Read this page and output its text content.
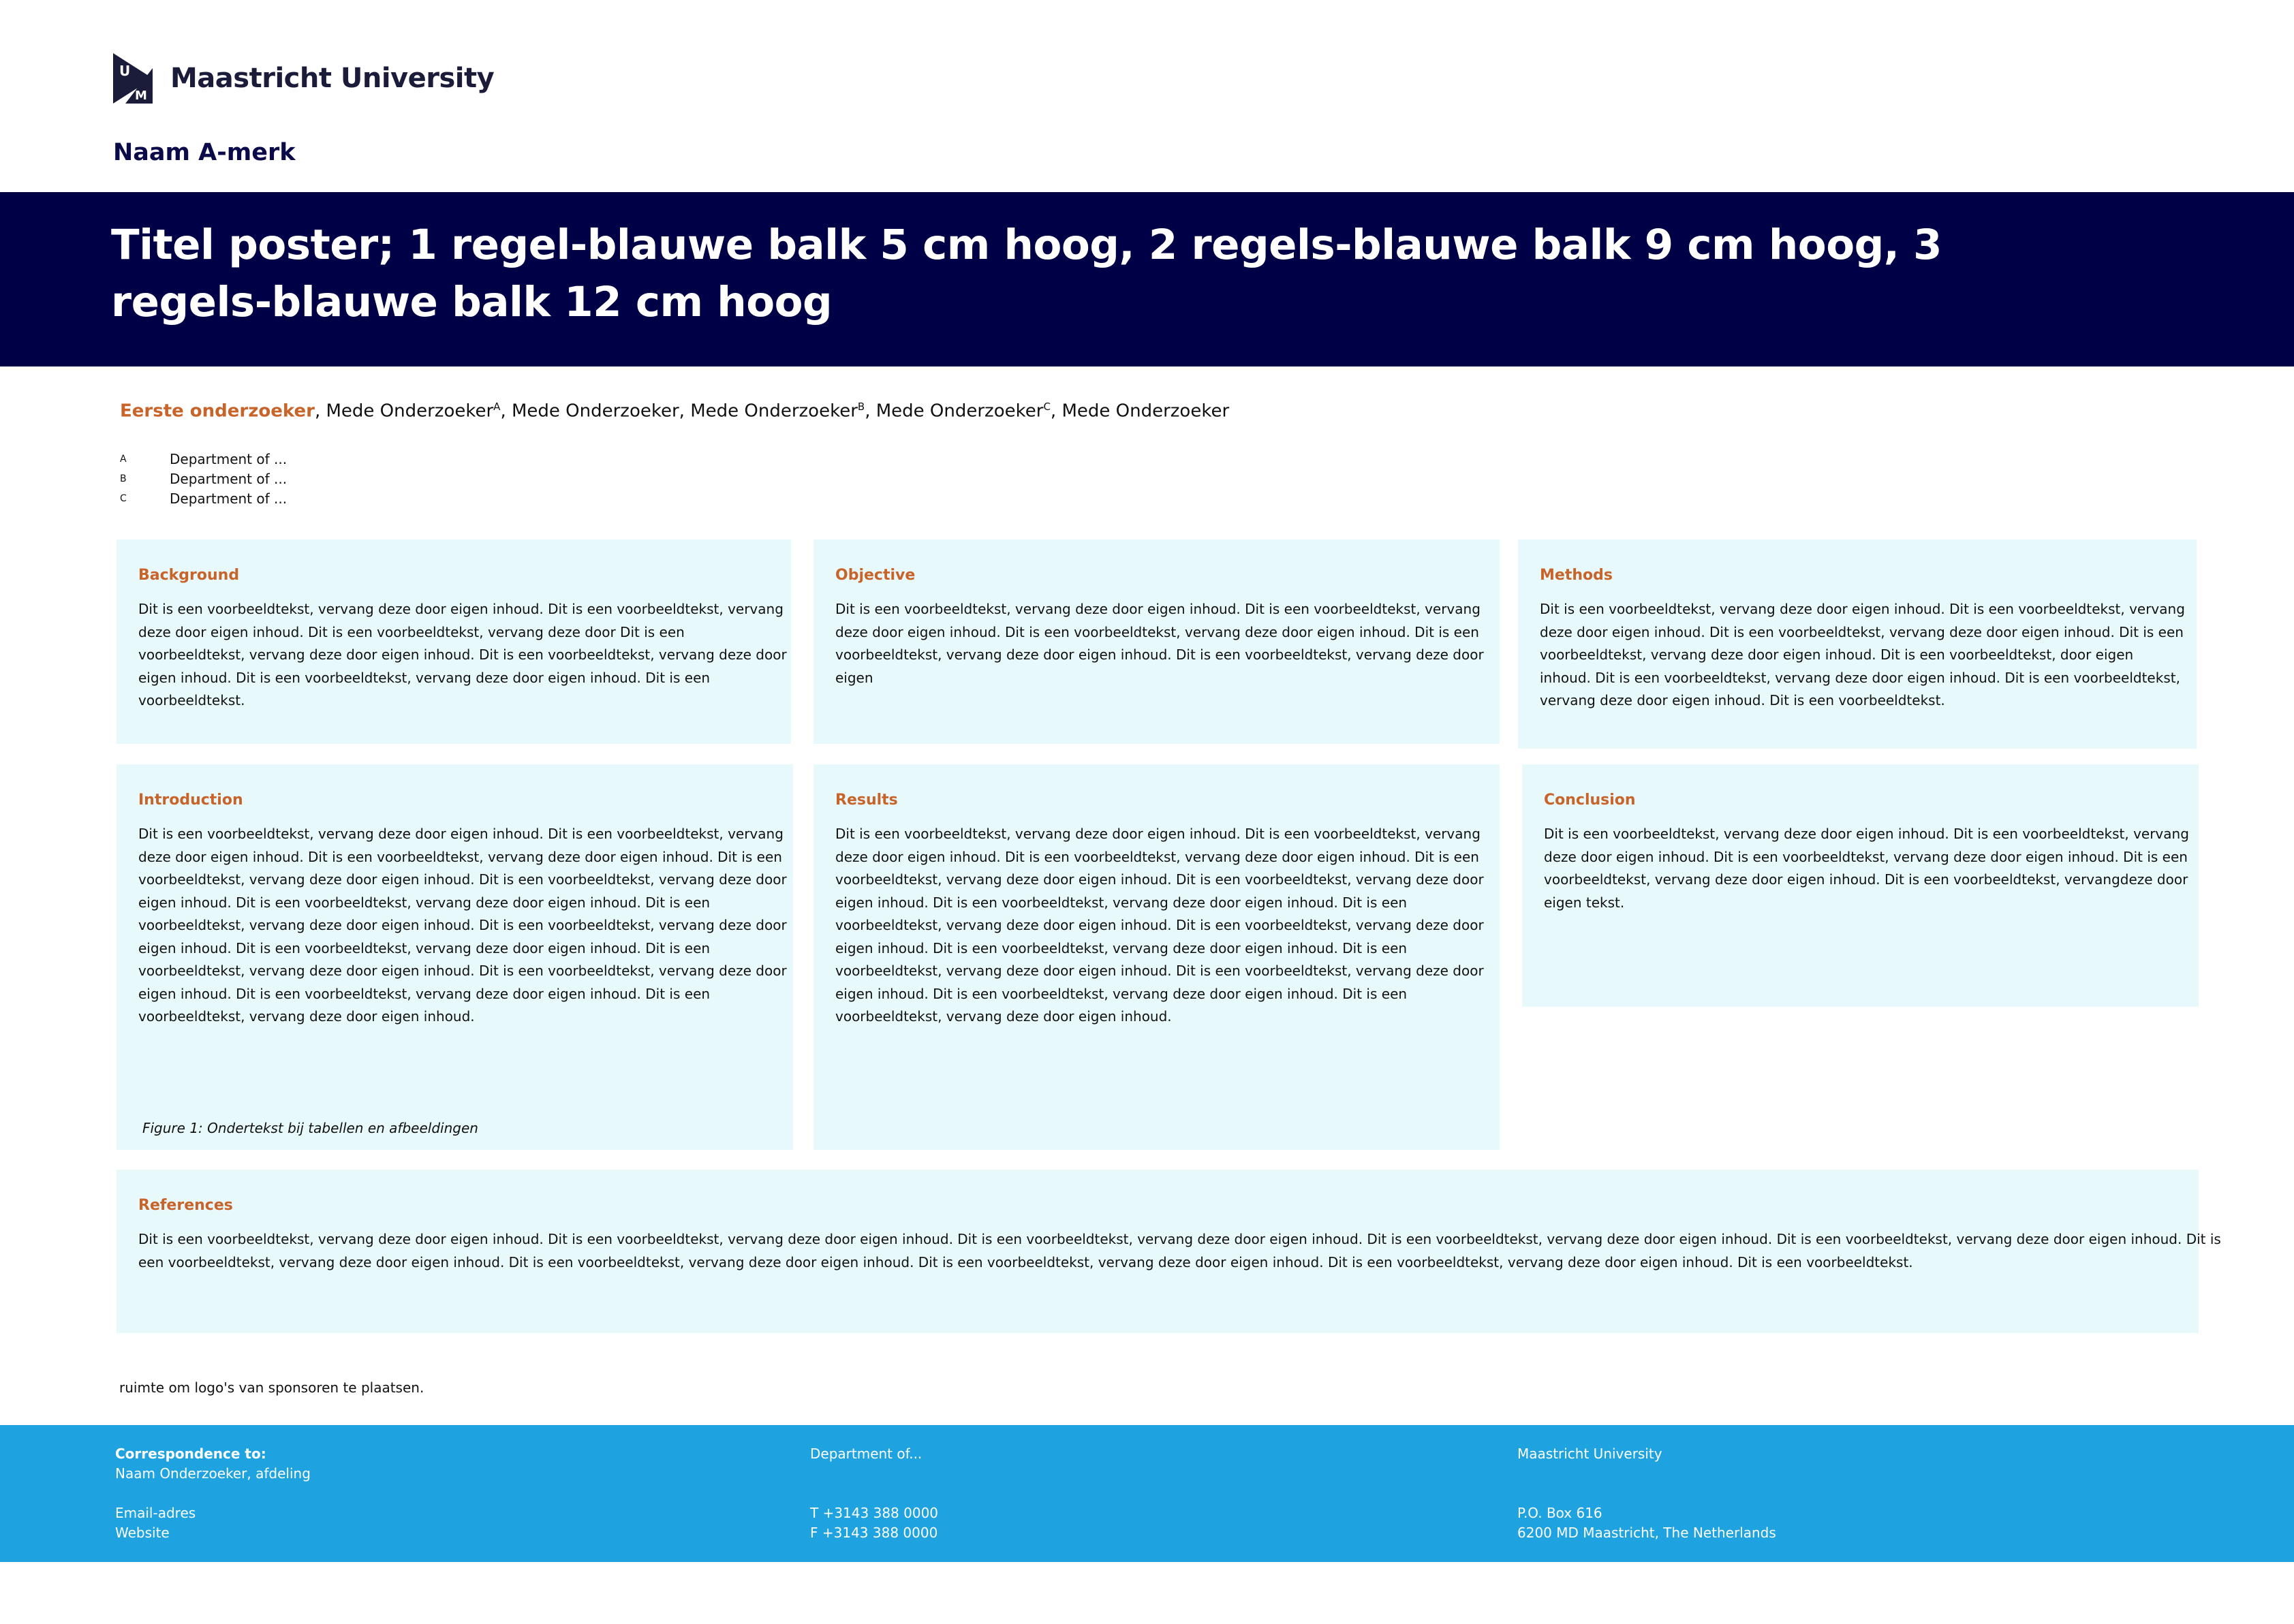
U
M
Maastricht University
Naam A-merk
Titel poster; 1 regel-blauwe balk 5 cm hoog, 2 regels-blauwe balk 9 cm hoog, 3 regels-blauwe balk 12 cm hoog
Eerste onderzoeker, Mede Onderzoeker$^A$, Mede Onderzoeker, Mede Onderzoeker$^B$, Mede Onderzoeker$^C$, Mede Onderzoeker
A	Department of ...
B	Department of ...
C	Department of ...
Background
Dit is een voorbeeldtekst, vervang deze door eigen inhoud. Dit is een voorbeeldtekst, vervang
deze door eigen inhoud. Dit is een voorbeeldtekst, vervang deze door Dit is een
voorbeeldtekst, vervang deze door eigen inhoud. Dit is een voorbeeldtekst, vervang deze door
eigen inhoud. Dit is een voorbeeldtekst, vervang deze door eigen inhoud. Dit is een
voorbeeldtekst.
Objective
Dit is een voorbeeldtekst, vervang deze door eigen inhoud. Dit is een voorbeeldtekst, vervang
deze door eigen inhoud. Dit is een voorbeeldtekst, vervang deze door eigen inhoud. Dit is een
voorbeeldtekst, vervang deze door eigen inhoud. Dit is een voorbeeldtekst, vervang deze door
eigen
Methods
Dit is een voorbeeldtekst, vervang deze door eigen inhoud. Dit is een voorbeeldtekst, vervang
deze door eigen inhoud. Dit is een voorbeeldtekst, vervang deze door eigen inhoud. Dit is een
voorbeeldtekst, vervang deze door eigen inhoud. Dit is een voorbeeldtekst, door eigen
inhoud. Dit is een voorbeeldtekst, vervang deze door eigen inhoud. Dit is een voorbeeldtekst,
vervang deze door eigen inhoud. Dit is een voorbeeldtekst.
Introduction
Dit is een voorbeeldtekst, vervang deze door eigen inhoud. Dit is een voorbeeldtekst, vervang
deze door eigen inhoud. Dit is een voorbeeldtekst, vervang deze door eigen inhoud. Dit is een
voorbeeldtekst, vervang deze door eigen inhoud. Dit is een voorbeeldtekst, vervang deze door
eigen inhoud. Dit is een voorbeeldtekst, vervang deze door eigen inhoud. Dit is een
voorbeeldtekst, vervang deze door eigen inhoud. Dit is een voorbeeldtekst, vervang deze door
eigen inhoud. Dit is een voorbeeldtekst, vervang deze door eigen inhoud. Dit is een
voorbeeldtekst, vervang deze door eigen inhoud. Dit is een voorbeeldtekst, vervang deze door
eigen inhoud. Dit is een voorbeeldtekst, vervang deze door eigen inhoud. Dit is een
voorbeeldtekst, vervang deze door eigen inhoud.
Figure 1: Ondertekst bij tabellen en afbeeldingen
Results
Dit is een voorbeeldtekst, vervang deze door eigen inhoud. Dit is een voorbeeldtekst, vervang
deze door eigen inhoud. Dit is een voorbeeldtekst, vervang deze door eigen inhoud. Dit is een
voorbeeldtekst, vervang deze door eigen inhoud. Dit is een voorbeeldtekst, vervang deze door
eigen inhoud. Dit is een voorbeeldtekst, vervang deze door eigen inhoud. Dit is een
voorbeeldtekst, vervang deze door eigen inhoud. Dit is een voorbeeldtekst, vervang deze door
eigen inhoud. Dit is een voorbeeldtekst, vervang deze door eigen inhoud. Dit is een
voorbeeldtekst, vervang deze door eigen inhoud. Dit is een voorbeeldtekst, vervang deze door
eigen inhoud. Dit is een voorbeeldtekst, vervang deze door eigen inhoud. Dit is een
voorbeeldtekst, vervang deze door eigen inhoud.
Conclusion
Dit is een voorbeeldtekst, vervang deze door eigen inhoud. Dit is een voorbeeldtekst, vervang
deze door eigen inhoud. Dit is een voorbeeldtekst, vervang deze door eigen inhoud. Dit is een
voorbeeldtekst, vervang deze door eigen inhoud. Dit is een voorbeeldtekst, vervangdeze door
eigen tekst.
References
Dit is een voorbeeldtekst, vervang deze door eigen inhoud. Dit is een voorbeeldtekst, vervang deze door eigen inhoud. Dit is een voorbeeldtekst, vervang deze door eigen inhoud. Dit is een voorbeeldtekst, vervang deze door eigen inhoud. Dit is een voorbeeldtekst, vervang deze door eigen inhoud. Dit is
een voorbeeldtekst, vervang deze door eigen inhoud. Dit is een voorbeeldtekst, vervang deze door eigen inhoud. Dit is een voorbeeldtekst, vervang deze door eigen inhoud. Dit is een voorbeeldtekst, vervang deze door eigen inhoud. Dit is een voorbeeldtekst.
ruimte om logo's van sponsoren te plaatsen.
Correspondence to:
Naam Onderzoeker, afdeling
Email-adres
Website
Department of...
T +3143 388 0000
F +3143 388 0000
Maastricht University
P.O. Box 616
6200 MD Maastricht, The Netherlands
